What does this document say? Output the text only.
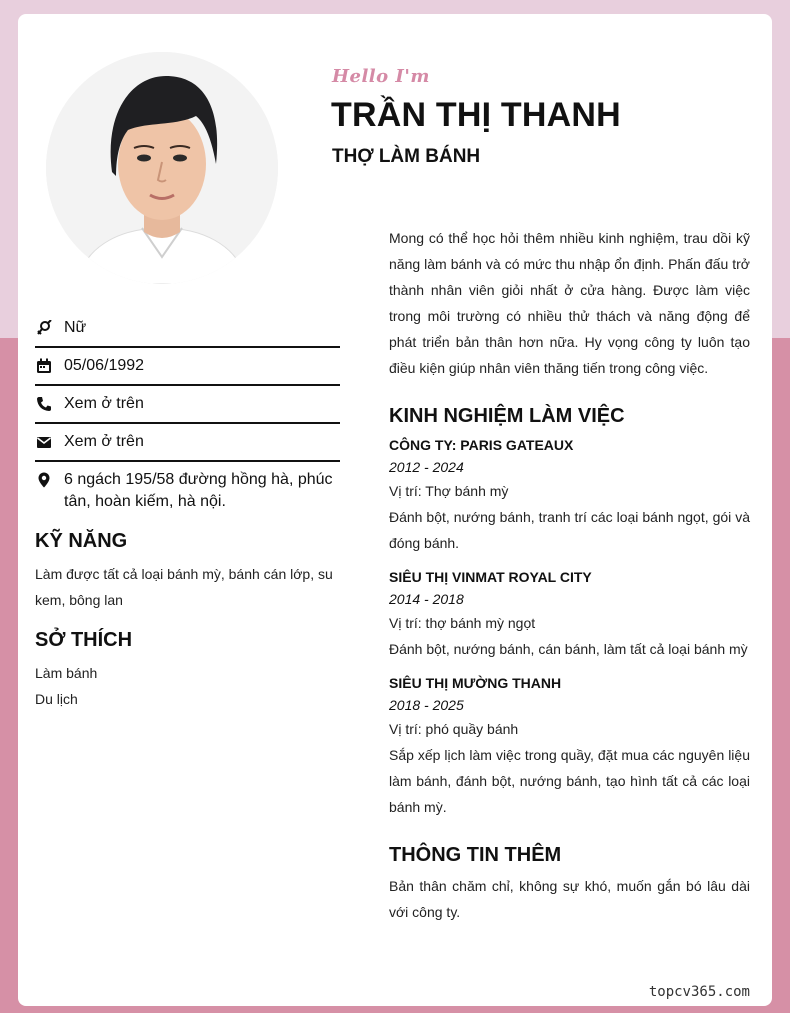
Hello I'm
TRẦN THỊ THANH
THỢ LÀM BÁNH
Nữ
05/06/1992
Xem ở trên
Xem ở trên
6 ngách 195/58 đường hồng hà, phúc tân, hoàn kiếm, hà nội.
KỸ NĂNG
Làm được tất cả loại bánh mỳ, bánh cán lớp, su kem, bông lan
SỞ THÍCH
Làm bánh
Du lịch
Mong có thể học hỏi thêm nhiều kinh nghiệm, trau dồi kỹ năng làm bánh và có mức thu nhập ổn định. Phấn đấu trở thành nhân viên giỏi nhất ở cửa hàng. Được làm việc trong môi trường có nhiều thử thách và năng động để phát triển bản thân hơn nữa. Hy vọng công ty luôn tạo điều kiện giúp nhân viên thăng tiến trong công việc.
KINH NGHIỆM LÀM VIỆC
CÔNG TY: PARIS GATEAUX
2012 - 2024
Vị trí: Thợ bánh mỳ
Đánh bột, nướng bánh, tranh trí các loại bánh ngọt, gói và đóng bánh.
SIÊU THỊ VINMAT ROYAL CITY
2014 - 2018
Vị trí: thợ bánh mỳ ngọt
Đánh bột, nướng bánh, cán bánh, làm tất cả loại bánh mỳ
SIÊU THỊ MƯỜNG THANH
2018 - 2025
Vị trí: phó quầy bánh
Sắp xếp lịch làm việc trong quầy, đặt mua các nguyên liệu làm bánh, đánh bột, nướng bánh, tạo hình tất cả các loại bánh mỳ.
THÔNG TIN THÊM
Bản thân chăm chỉ, không sự khó, muốn gắn bó lâu dài với công ty.
topcv365.com
